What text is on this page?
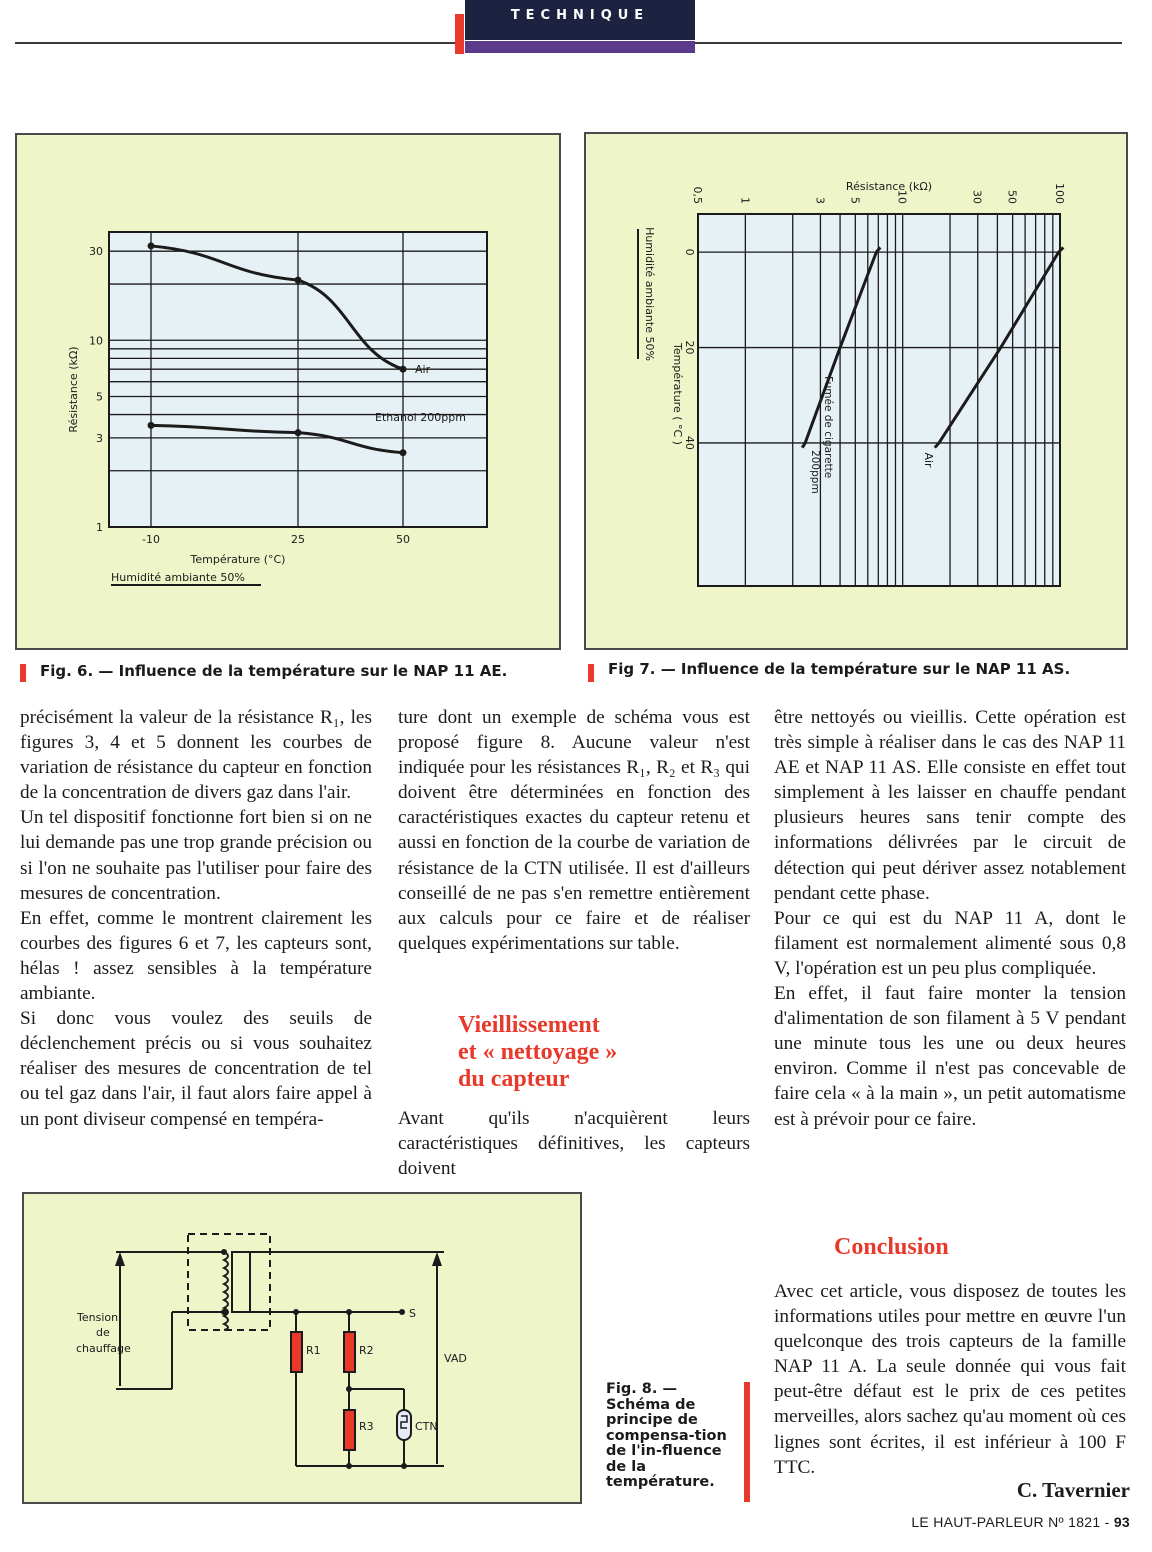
TECHNIQUE
1
3
5
10
30
-10	25	50
Température (°C)
Résistance (kΩ)
Humidité ambiante 50%
Air
Ethanol 200ppm
Fig. 6. — Influence de la température sur le NAP 11 AE.
0,5	1	3 5	10	30 50	100
0
20
40
Résistance (kΩ)
Température ( °C )
Humidité ambiante 50%
Fumée de cigarette
200ppm	Air
Fig 7. — Influence de la température sur le NAP 11 AS.

précisément la valeur de la résistance R₁, les figures 3, 4 et 5 donnent les courbes de variation de résistance du capteur en fonction de la concentration de divers gaz dans l'air.

Un tel dispositif fonctionne fort bien si on ne lui demande pas une trop grande précision ou si l'on ne souhaite pas l'utiliser pour faire des mesures de concentration.

En effet, comme le montrent clairement les courbes des figures 6 et 7, les capteurs sont, hélas ! assez sensibles à la température ambiante.

Si donc vous voulez des seuils de déclenchement précis ou si vous souhaitez réaliser des mesures de concentration de tel ou tel gaz dans l'air, il faut alors faire appel à un pont diviseur compensé en tempéra-

ture dont un exemple de schéma vous est proposé figure 8. Aucune valeur n'est indiquée pour les résistances R₁, R₂ et R₃ qui doivent être déterminées en fonction des caractéristiques exactes du capteur retenu et aussi en fonction de la courbe de variation de résistance de la CTN utilisée. Il est d'ailleurs conseillé de ne pas s'en remettre entièrement aux calculs pour ce faire et de réaliser quelques expérimentations sur table.

Vieillissement
et « nettoyage »
du capteur

Avant qu'ils n'acquièrent leurs caractéristiques définitives, les capteurs doivent

être nettoyés ou vieillis. Cette opération est très simple à réaliser dans le cas des NAP 11 AE et NAP 11 AS. Elle consiste en effet tout simplement à les laisser en chauffe pendant plusieurs heures sans tenir compte des informations délivrées par le circuit de détection qui peut dériver assez notablement pendant cette phase.

Pour ce qui est du NAP 11 A, dont le filament est normalement alimenté sous 0,8 V, l'opération est un peu plus compliquée.

En effet, il faut faire monter la tension d'alimentation de son filament à 5 V pendant une minute tous les une ou deux heures environ. Comme il n'est pas concevable de faire cela « à la main », un petit automatisme est à prévoir pour ce faire.

Conclusion

Avec cet article, vous disposez de toutes les informations utiles pour mettre en œuvre l'un quelconque des trois capteurs de la famille NAP 11 A. La seule donnée qui vous fait peut-être défaut est le prix de ces petites merveilles, alors sachez qu'au moment où ces lignes sont écrites, il est inférieur à 100 F TTC.

C. Tavernier
LE HAUT-PARLEUR Nº 1821 - 93
Tension
de
chauffage	R1	R2
R3	CTN
S
VAD
Fig. 8. — Schéma de principe de compensa-tion de l'in-fluence de la température.
